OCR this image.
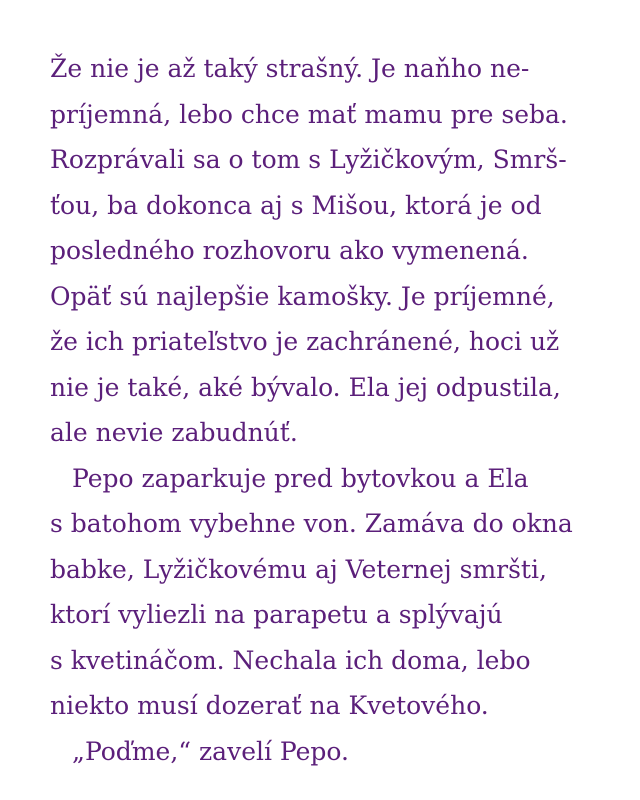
Že nie je až taký strašný. Je naňho ne-
príjemná, lebo chce mať mamu pre seba.
Rozprávali sa o tom s Lyžičkovým, Smrš-
ťou, ba dokonca aj s Mišou, ktorá je od
posledného rozhovoru ako vymenená.
Opäť sú najlepšie kamošky. Je príjemné,
že ich priateľstvo je zachránené, hoci už
nie je také, aké bývalo. Ela jej odpustila,
ale nevie zabudnúť.
Pepo zaparkuje pred bytovkou a Ela
s batohom vybehne von. Zamáva do okna
babke, Lyžičkovému aj Veternej smršti,
ktorí vyliezli na parapetu a splývajú
s kvetináčom. Nechala ich doma, lebo
niekto musí dozerať na Kvetového.
„Poďme,“ zavelí Pepo.
